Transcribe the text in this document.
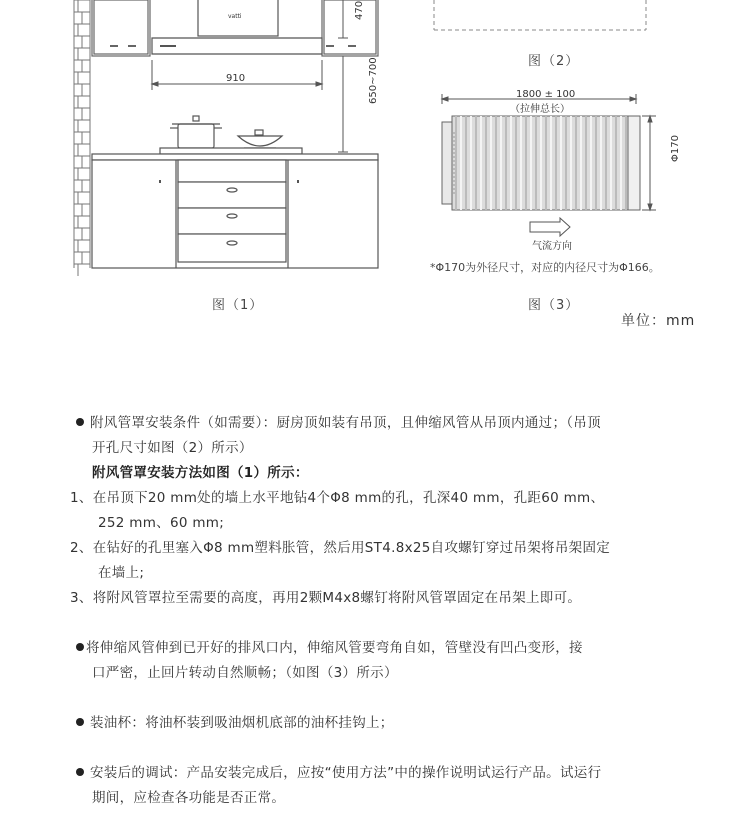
vatti	470
910	650~700	图（2）
1800 ± 100
（拉伸总长）
Φ170
气流方向
*Φ170为外径尺寸，对应的内径尺寸为Φ166。
图（1）	图（3）
单位：mm
附风管罩安装条件（如需要）：厨房顶如装有吊顶，且伸缩风管从吊顶内通过；（吊顶
开孔尺寸如图（2）所示）
附风管罩安装方法如图（1）所示：
1、在吊顶下20 mm处的墙上水平地钻4个Φ8 mm的孔，孔深40 mm，孔距60 mm、
252 mm、60 mm;
2、在钻好的孔里塞入Φ8 mm塑料胀管，然后用ST4.8x25自攻螺钉穿过吊架将吊架固定
在墙上;
3、将附风管罩拉至需要的高度，再用2颗M4x8螺钉将附风管罩固定在吊架上即可。
将伸缩风管伸到已开好的排风口内，伸缩风管要弯角自如，管壁没有凹凸变形，接
口严密，止回片转动自然顺畅；（如图（3）所示）
装油杯：将油杯装到吸油烟机底部的油杯挂钩上；
安装后的调试：产品安装完成后，应按“使用方法”中的操作说明试运行产品。试运行
期间，应检查各功能是否正常。
